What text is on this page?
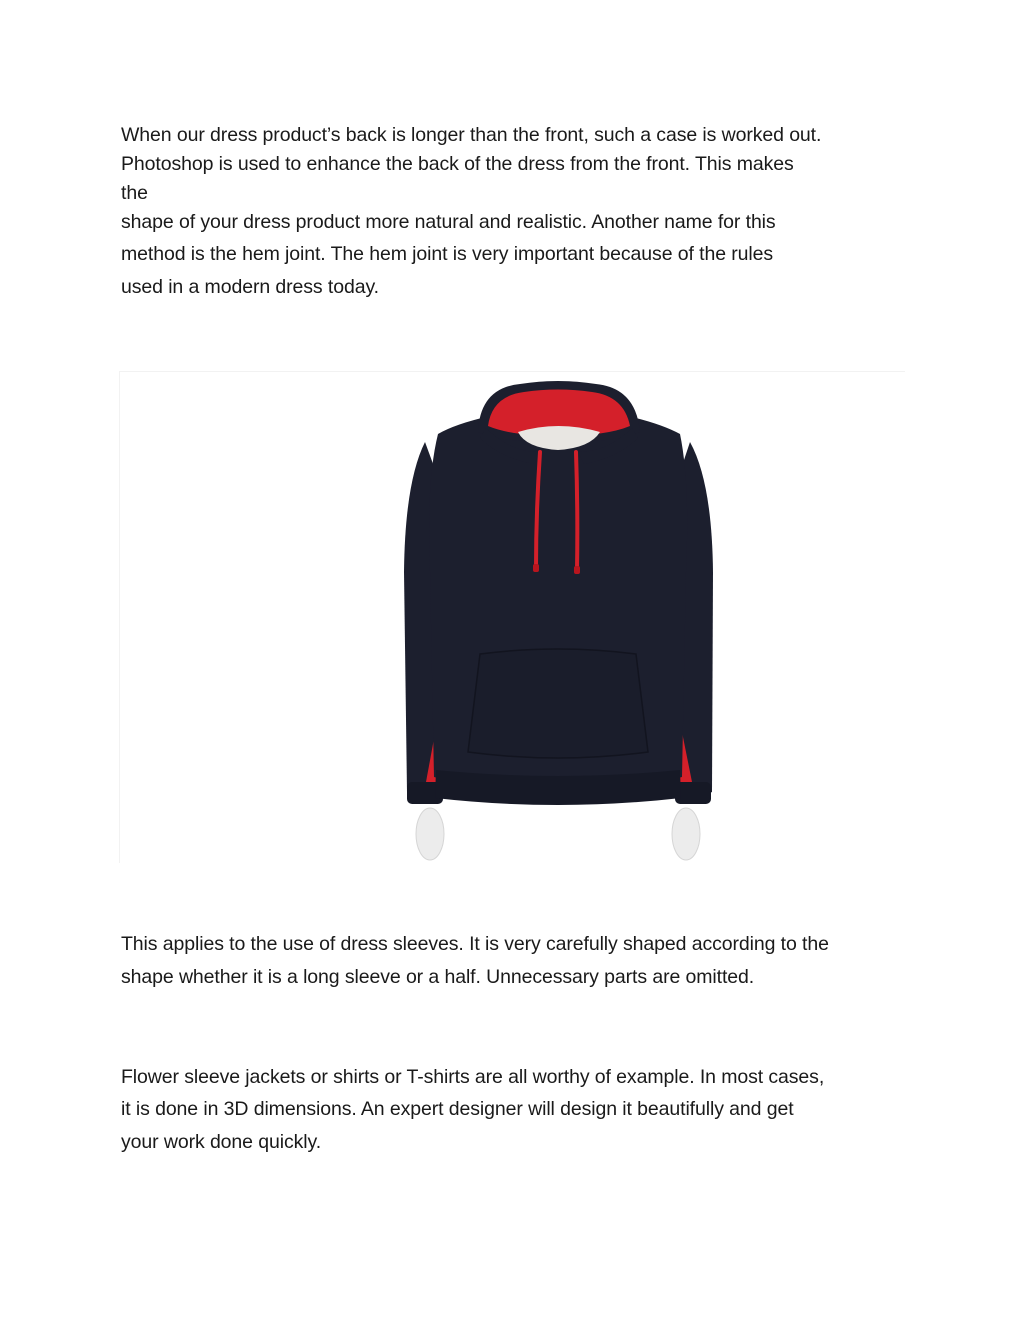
When our dress product’s back is longer than the front, such a case is worked out.
Photoshop is used to enhance the back of the dress from the front. This makes
the
shape of your dress product more natural and realistic. Another name for this
method is the hem joint. The hem joint is very important because of the rules
used in a modern dress today.
This applies to the use of dress sleeves. It is very carefully shaped according to the
shape whether it is a long sleeve or a half. Unnecessary parts are omitted.
Flower sleeve jackets or shirts or T-shirts are all worthy of example. In most cases,
it is done in 3D dimensions. An expert designer will design it beautifully and get
your work done quickly.
